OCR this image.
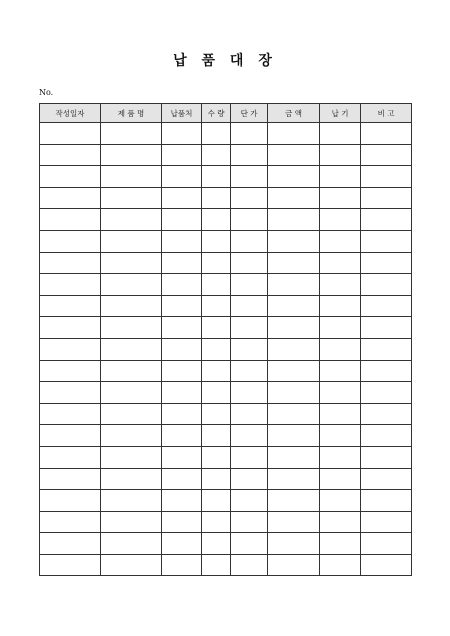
납 품 대 장
No.
작성일자	제 품 명	납품처	수 량	단 가	금 액	납 기	비 고
